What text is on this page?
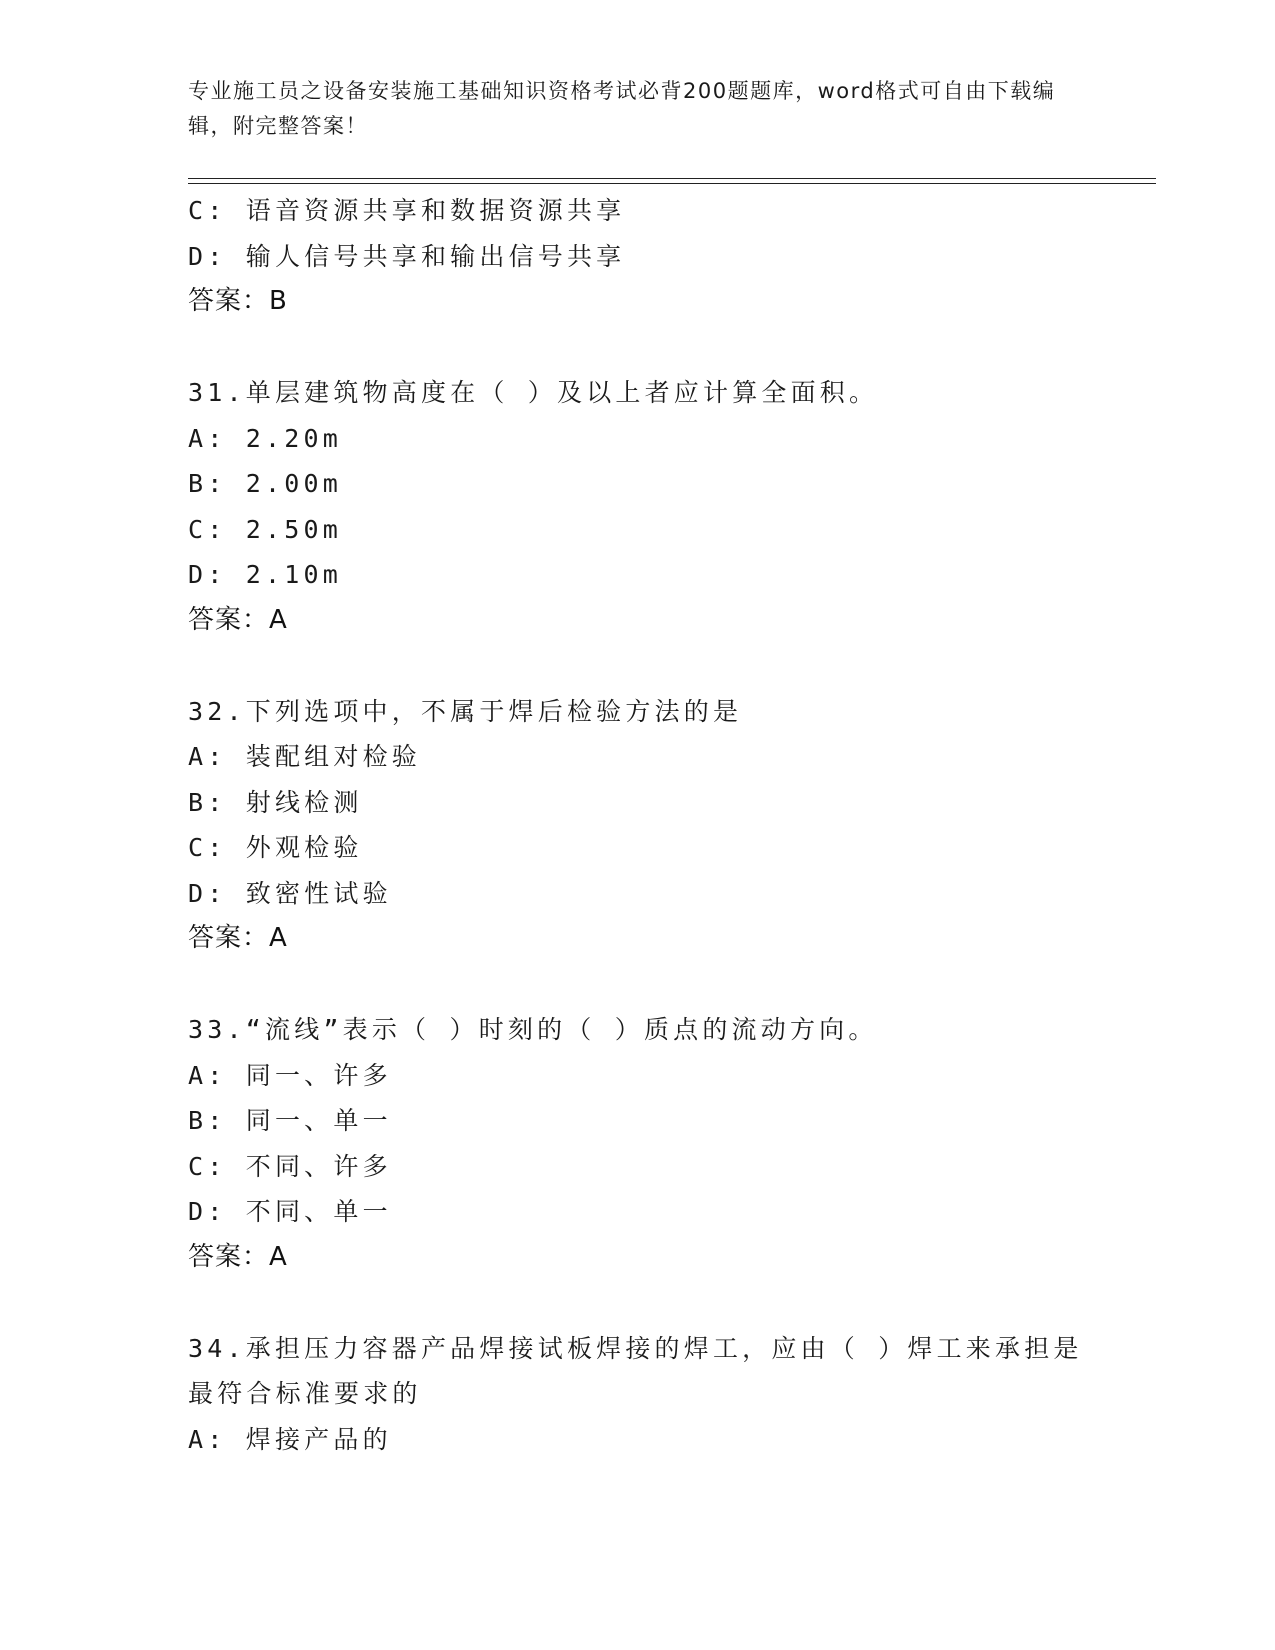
专业施工员之设备安装施工基础知识资格考试必背200题题库，word格式可自由下载编辑，附完整答案！
C: 语音资源共享和数据资源共享
D: 输人信号共享和输出信号共享
答案：B
31.单层建筑物高度在（ ）及以上者应计算全面积。
A: 2.20m
B: 2.00m
C: 2.50m
D: 2.10m
答案：A
32.下列选项中，不属于焊后检验方法的是
A: 装配组对检验
B: 射线检测
C: 外观检验
D: 致密性试验
答案：A
33.“流线”表示（ ）时刻的（ ）质点的流动方向。
A: 同一、许多
B: 同一、单一
C: 不同、许多
D: 不同、单一
答案：A
34.承担压力容器产品焊接试板焊接的焊工，应由（ ）焊工来承担是
最符合标准要求的
A: 焊接产品的
